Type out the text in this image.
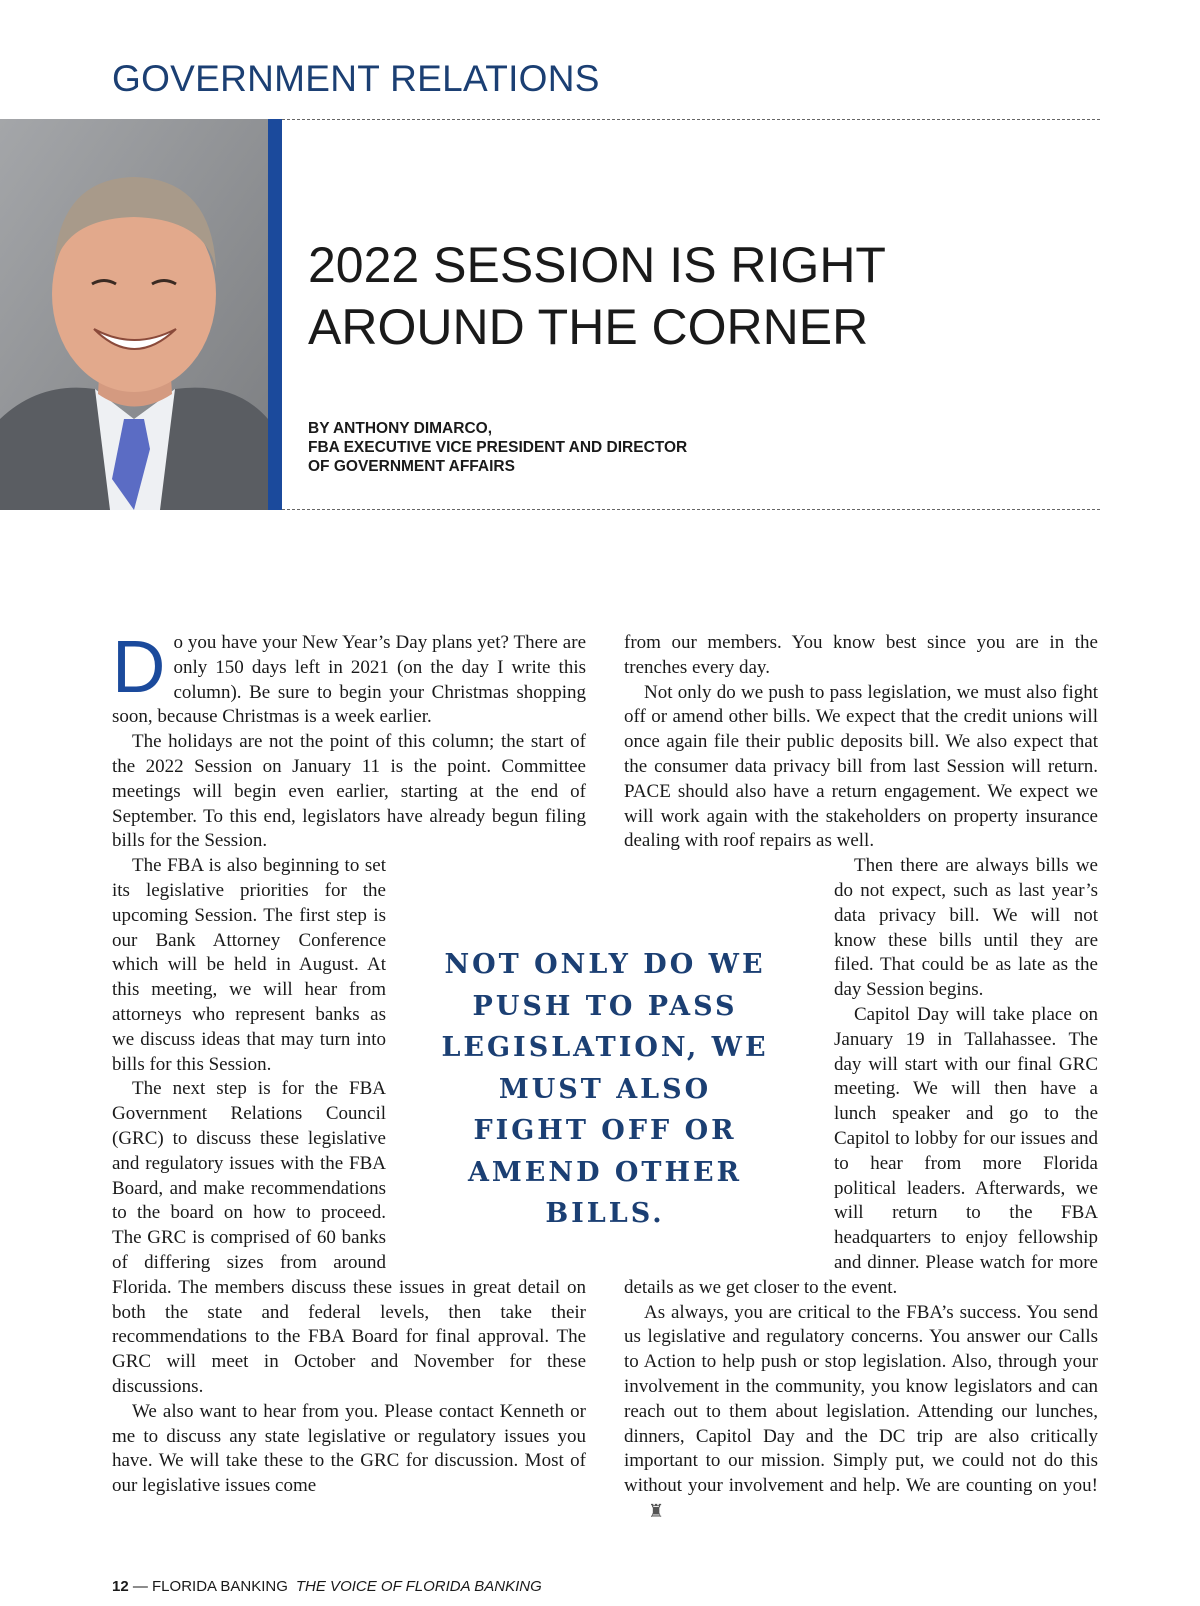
GOVERNMENT RELATIONS
2022 SESSION IS RIGHT
AROUND THE CORNER
BY ANTHONY DIMARCO,
FBA EXECUTIVE VICE PRESIDENT AND DIRECTOR
OF GOVERNMENT AFFAIRS

Do you have your New Year’s Day plans yet? There are only 150 days left in 2021 (on the day I write this column). Be sure to begin your Christmas shopping soon, because Christmas is a week earlier.

The holidays are not the point of this column; the start of the 2022 Session on January 11 is the point. Committee meetings will begin even earlier, starting at the end of September. To this end, legislators have already begun filing bills for the Session.

The FBA is also beginning to set its legislative priorities for the upcoming Session. The first step is our Bank Attorney Conference which will be held in August. At this meeting, we will hear from attorneys who represent banks as we discuss ideas that may turn into bills for this Session.

The next step is for the FBA Government Relations Council (GRC) to discuss these legislative and regulatory issues with the FBA Board, and make recommendations to the board on how to proceed. The GRC is comprised of 60 banks of differing sizes from around Florida. The members discuss these issues in great detail on both the state and federal levels, then take their recommendations to the FBA Board for final approval. The GRC will meet in October and November for these discussions.

We also want to hear from you. Please contact Kenneth or me to discuss any state legislative or regulatory issues you have. We will take these to the GRC for discussion. Most of our legislative issues come

from our members. You know best since you are in the trenches every day.

Not only do we push to pass legislation, we must also fight off or amend other bills. We expect that the credit unions will once again file their public deposits bill. We also expect that the consumer data privacy bill from last Session will return. PACE should also have a return engagement. We expect we will work again with the stakeholders on property insurance dealing with roof repairs as well.

Then there are always bills we do not expect, such as last year’s data privacy bill. We will not know these bills until they are filed. That could be as late as the day Session begins.

Capitol Day will take place on January 19 in Tallahassee. The day will start with our final GRC meeting. We will then have a lunch speaker and go to the Capitol to lobby for our issues and to hear from more Florida political leaders. Afterwards, we will return to the FBA headquarters to enjoy fellowship and dinner. Please watch for more details as we get closer to the event.

As always, you are critical to the FBA’s success. You send us legislative and regulatory concerns. You answer our Calls to Action to help push or stop legislation. Also, through your involvement in the community, you know legislators and can reach out to them about legislation. Attending our lunches, dinners, Capitol Day and the DC trip are also critically important to our mission. Simply put, we could not do this without your involvement and help. We are counting on you!♜

NOT ONLY DO WE PUSH TO PASS LEGISLATION, WE MUST ALSO FIGHT OFF OR AMEND OTHER BILLS.
12 — FLORIDA BANKING THE VOICE OF FLORIDA BANKING
